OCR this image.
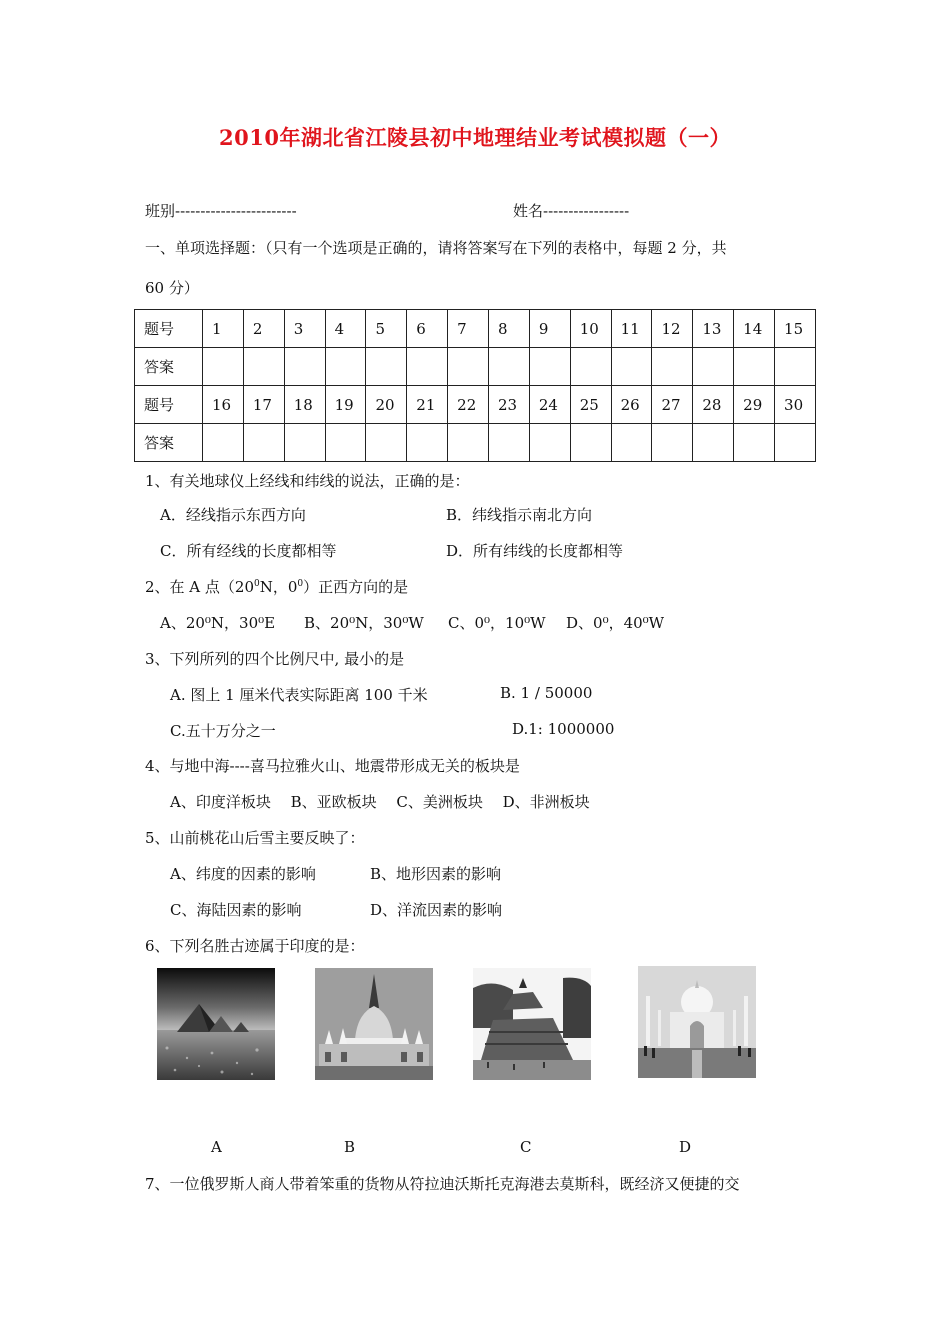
2010年湖北省江陵县初中地理结业考试模拟题（一）
班别------------------------	姓名-----------------
一、单项选择题：（只有一个选项是正确的，请将答案写在下列的表格中，每题 2 分，共
60 分）
题号	1	2	3	4	5	6	7	8	9	10	11	12	13	14	15
答案															
题号	16	17	18	19	20	21	22	23	24	25	26	27	28	29	30
答案															
1、有关地球仪上经线和纬线的说法，正确的是：
A．经线指示东西方向	B．纬线指示南北方向
C．所有经线的长度都相等	D．所有纬线的长度都相等
2、在 A 点（$20^0N$，$0^0$）正西方向的是
A、20⁰N，30⁰E B、20⁰N，30⁰W C、0⁰，10⁰W D、0⁰，40⁰W
3、下列所列的四个比例尺中, 最小的是
A. 图上 1 厘米代表实际距离 100 千米	B. 1 / 50000
C.五十万分之一	D.1: 1000000
4、与地中海----喜马拉雅火山、地震带形成无关的板块是
A、印度洋板块　 B、亚欧板块　 C、美洲板块　 D、非洲板块
5、山前桃花山后雪主要反映了：
A、纬度的因素的影响	B、地形因素的影响
C、海陆因素的影响	D、洋流因素的影响
6、下列名胜古迹属于印度的是：
A	B	C	D
7、一位俄罗斯人商人带着笨重的货物从符拉迪沃斯托克海港去莫斯科，既经济又便捷的交
